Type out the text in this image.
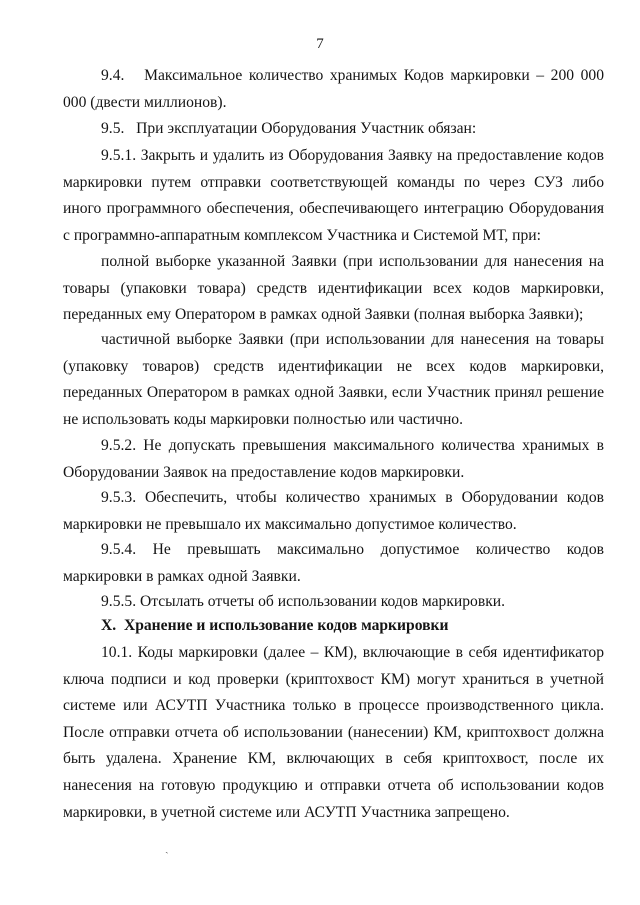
7

9.4.   Максимальное количество хранимых Кодов маркировки – 200 000 000 (двести миллионов).

9.5.   При эксплуатации Оборудования Участник обязан:

9.5.1. Закрыть и удалить из Оборудования Заявку на предоставление кодов маркировки путем отправки соответствующей команды по через СУЗ либо иного программного обеспечения, обеспечивающего интеграцию Оборудования с программно-аппаратным комплексом Участника и Системой МТ, при:

полной выборке указанной Заявки (при использовании для нанесения на товары (упаковки товара) средств идентификации всех кодов маркировки, переданных ему Оператором в рамках одной Заявки (полная выборка Заявки);

частичной выборке Заявки (при использовании для нанесения на товары (упаковку товаров) средств идентификации не всех кодов маркировки, переданных Оператором в рамках одной Заявки, если Участник принял решение не использовать коды маркировки полностью или частично.

9.5.2. Не допускать превышения максимального количества хранимых в Оборудовании Заявок на предоставление кодов маркировки.

9.5.3. Обеспечить, чтобы количество хранимых в Оборудовании кодов маркировки не превышало их максимально допустимое количество.

9.5.4. Не превышать максимально допустимое количество кодов маркировки в рамках одной Заявки.

9.5.5. Отсылать отчеты об использовании кодов маркировки.

X.  Хранение и использование кодов маркировки

10.1. Коды маркировки (далее – КМ), включающие в себя идентификатор ключа подписи и код проверки (криптохвост КМ) могут храниться в учетной системе или АСУТП Участника только в процессе производственного цикла. После отправки отчета об использовании (нанесении) КМ, криптохвост должна быть удалена. Хранение КМ, включающих в себя криптохвост, после их нанесения на готовую продукцию и отправки отчета об использовании кодов маркировки, в учетной системе или АСУТП Участника запрещено.

ˎ
